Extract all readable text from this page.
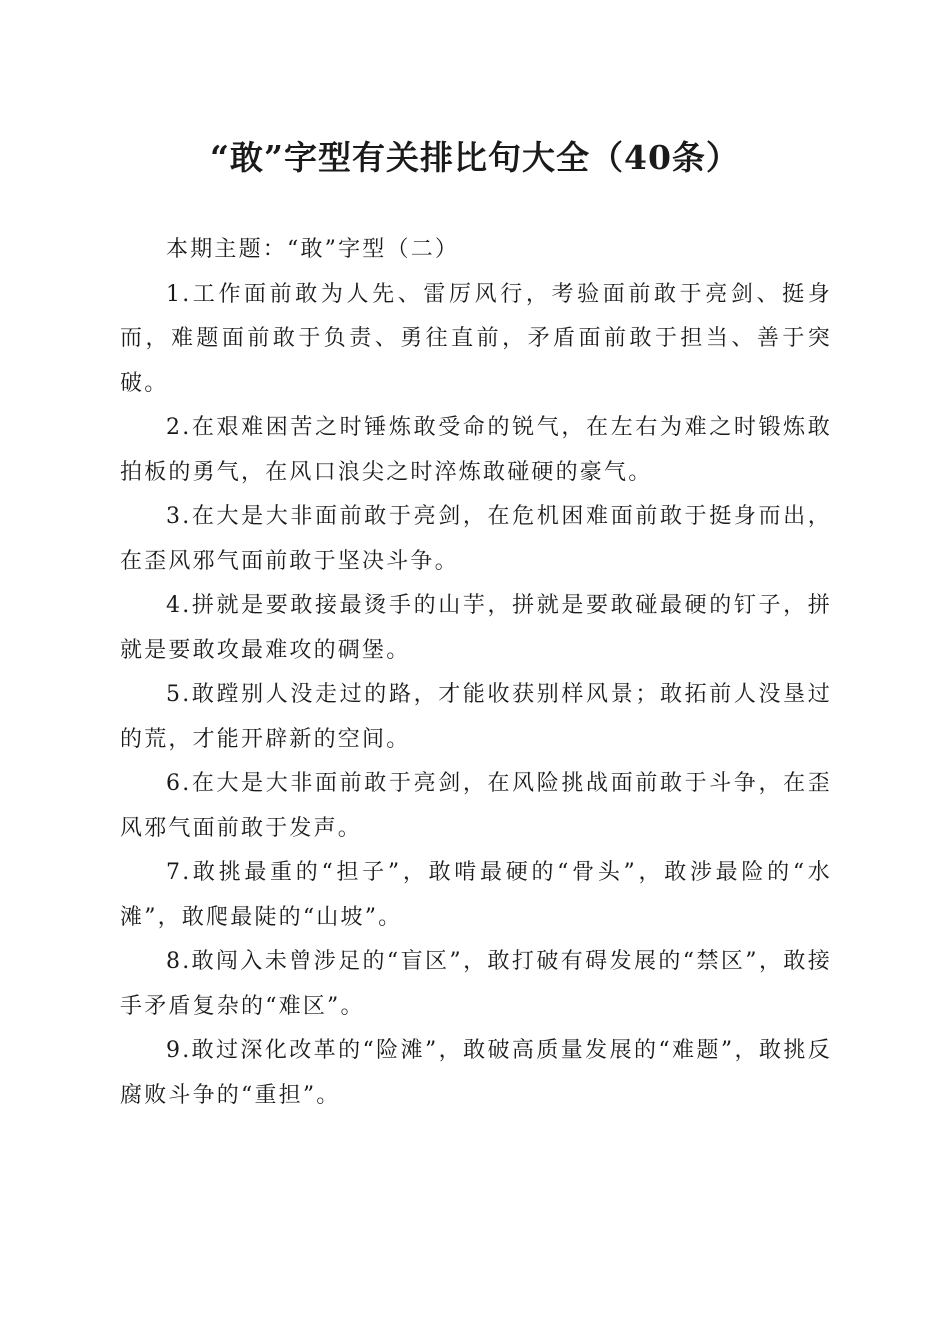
“敢”字型有关排比句大全（40条）

本期主题：“敢”字型（二）

1.工作面前敢为人先、雷厉风行，考验面前敢于亮剑、挺身而，难题面前敢于负责、勇往直前，矛盾面前敢于担当、善于突破。

2.在艰难困苦之时锤炼敢受命的锐气，在左右为难之时锻炼敢拍板的勇气，在风口浪尖之时淬炼敢碰硬的豪气。

3.在大是大非面前敢于亮剑，在危机困难面前敢于挺身而出，在歪风邪气面前敢于坚决斗争。

4.拼就是要敢接最烫手的山芋，拼就是要敢碰最硬的钉子，拼就是要敢攻最难攻的碉堡。

5.敢蹚别人没走过的路，才能收获别样风景；敢拓前人没垦过的荒，才能开辟新的空间。

6.在大是大非面前敢于亮剑，在风险挑战面前敢于斗争，在歪风邪气面前敢于发声。

7.敢挑最重的“担子”，敢啃最硬的“骨头”，敢涉最险的“水滩”，敢爬最陡的“山坡”。

8.敢闯入未曾涉足的“盲区”，敢打破有碍发展的“禁区”，敢接手矛盾复杂的“难区”。

9.敢过深化改革的“险滩”，敢破高质量发展的“难题”，敢挑反腐败斗争的“重担”。
